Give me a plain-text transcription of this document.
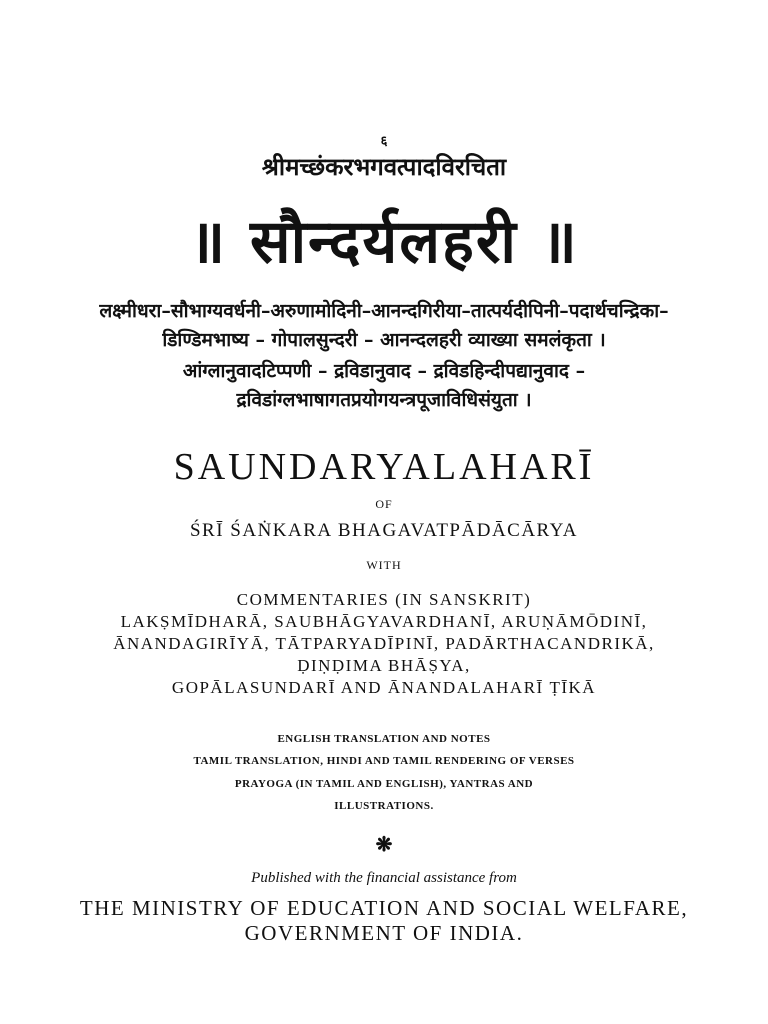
६
श्रीमच्छंकरभगवत्पादविरचिता
॥ सौन्दर्यलहरी ॥
लक्ष्मीधरा–सौभाग्यवर्धनी–अरुणामोदिनी–आनन्दगिरीया–तात्पर्यदीपिनी–पदार्थचन्द्रिका–
डिण्डिमभाष्य – गोपालसुन्दरी – आनन्दलहरी व्याख्या समलंकृता ।
आंग्लानुवादटिप्पणी – द्रविडानुवाद – द्रविडहिन्दीपद्यानुवाद –
द्रविडांग्लभाषागतप्रयोगयन्त्रपूजाविधिसंयुता ।
SAUNDARYALAHARĪ
OF
ŚRĪ ŚAṄKARA BHAGAVATPĀDĀCĀRYA
WITH
COMMENTARIES (IN SANSKRIT)
LAKṢMĪDHARĀ, SAUBHĀGYAVARDHANĪ, ARUṆĀMŌDINĪ,
ĀNANDAGIRĪYĀ, TĀTPARYADĪPINĪ, PADĀRTHACANDRIKĀ,
ḌIṆḌIMA BHĀṢYA,
GOPĀLASUNDARĪ AND ĀNANDALAHARĪ ṬĪKĀ
ENGLISH TRANSLATION AND NOTES
TAMIL TRANSLATION, HINDI AND TAMIL RENDERING OF VERSES
PRAYOGA (IN TAMIL AND ENGLISH), YANTRAS AND
ILLUSTRATIONS.
❋
Published with the financial assistance from
THE MINISTRY OF EDUCATION AND SOCIAL WELFARE,
GOVERNMENT OF INDIA.
